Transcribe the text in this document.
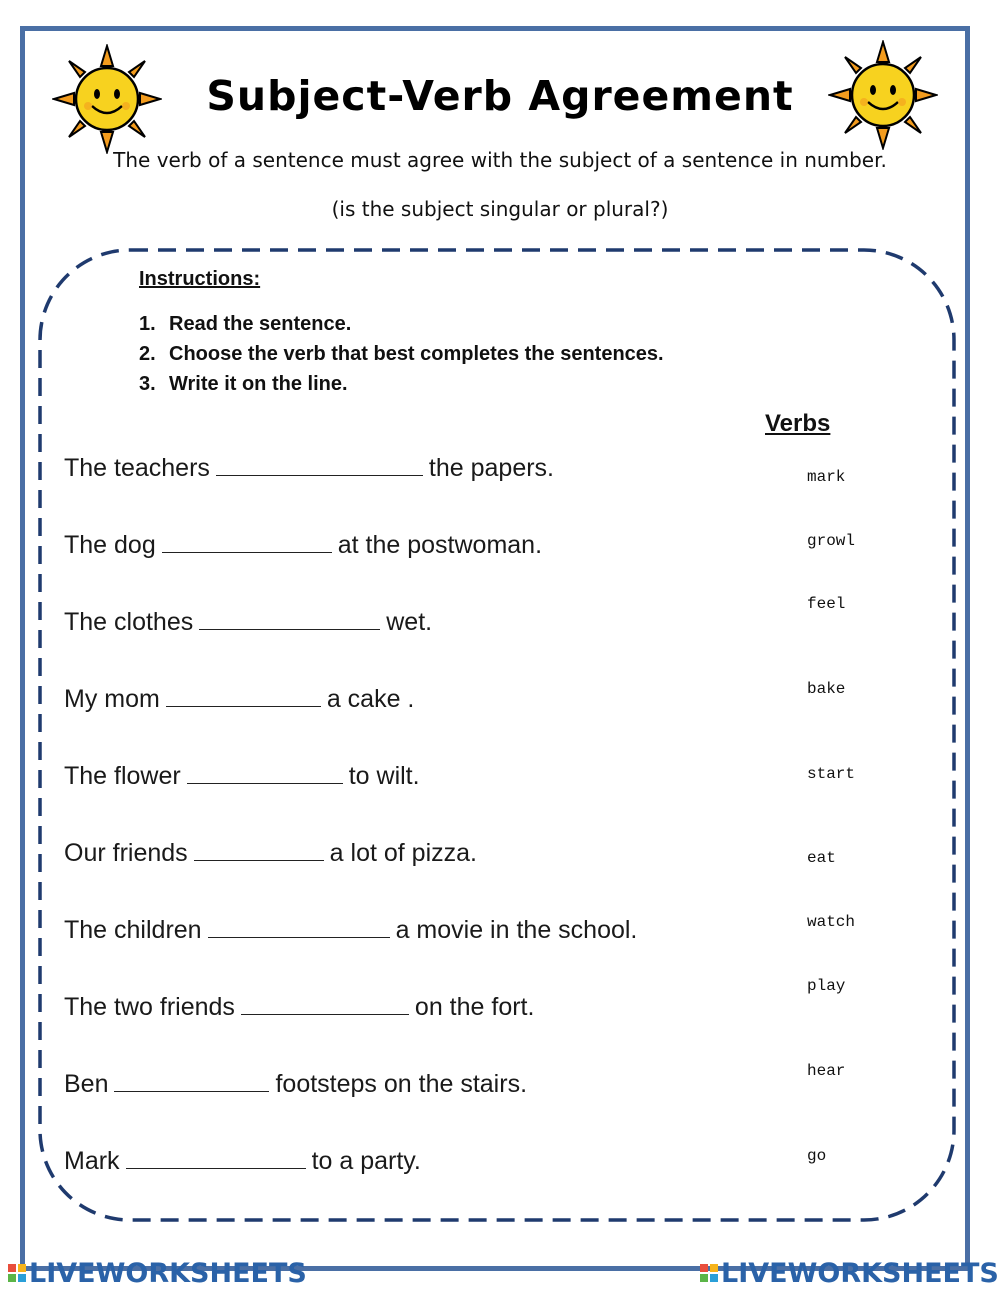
Subject-Verb Agreement
The verb of a sentence must agree with the subject of a sentence in number.
(is the subject singular or plural?)
Instructions:
1. Read the sentence.
2. Choose the verb that best completes the sentences.
3. Write it on the line.
Verbs
The teachers	the papers.
The dog	at the postwoman.
The clothes	wet.
My mom	a cake .
The flower	to wilt.
Our friends	a lot of pizza.
The children	a movie in the school.
The two friends	on the fort.
Ben	footsteps on the stairs.
Mark	to a party.
mark
growl
feel
bake
start
eat
watch
play
hear
go
LIVEWORKSHEETS	LIVEWORKSHEETS
